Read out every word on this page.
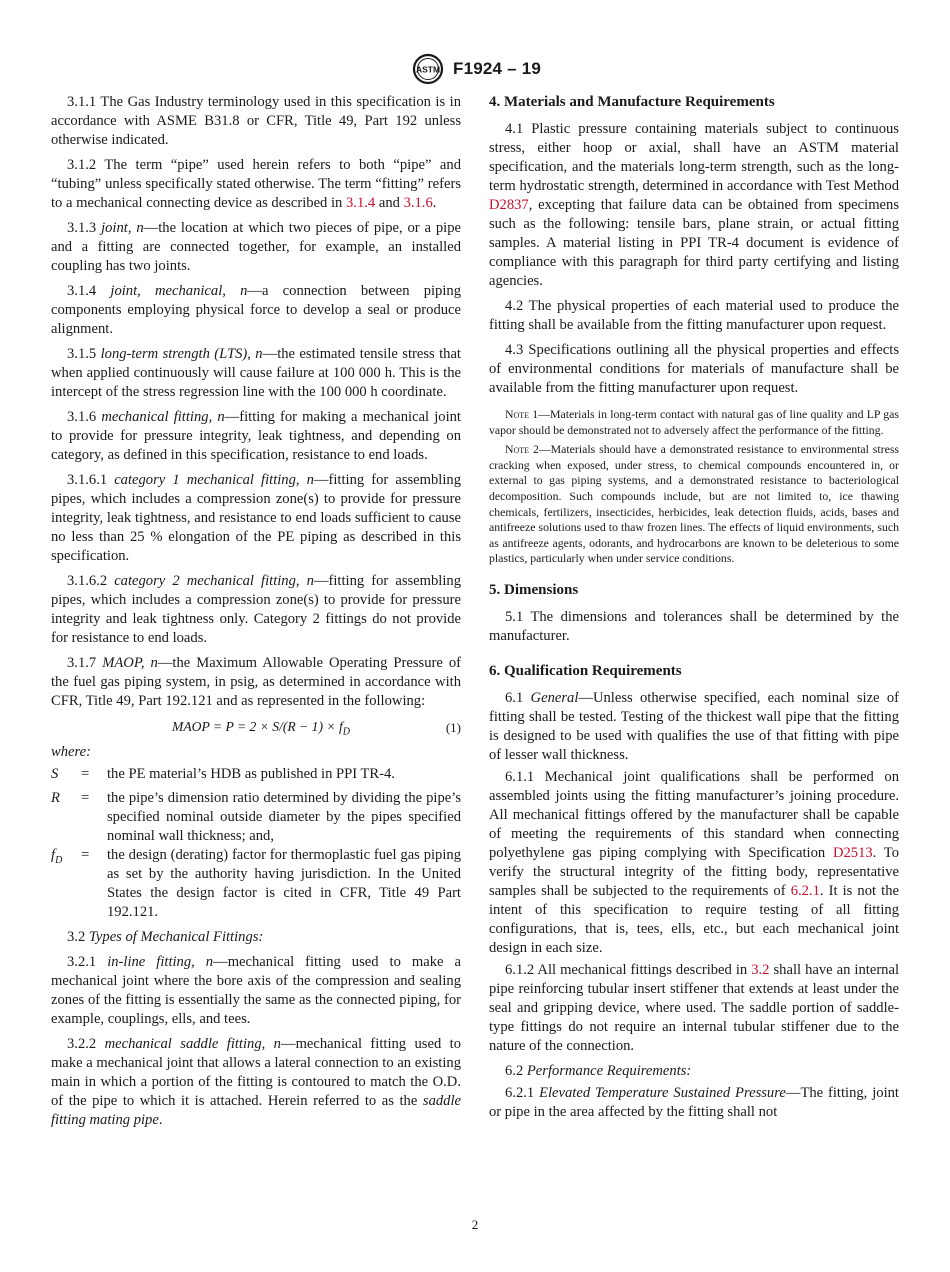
ASTM F1924 – 19

3.1.1 The Gas Industry terminology used in this specification is in accordance with ASME B31.8 or CFR, Title 49, Part 192 unless otherwise indicated.

3.1.2 The term “pipe” used herein refers to both “pipe” and “tubing” unless specifically stated otherwise. The term “fitting” refers to a mechanical connecting device as described in 3.1.4 and 3.1.6.

3.1.3 joint, n—the location at which two pieces of pipe, or a pipe and a fitting are connected together, for example, an installed coupling has two joints.

3.1.4 joint, mechanical, n—a connection between piping components employing physical force to develop a seal or produce alignment.

3.1.5 long-term strength (LTS), n—the estimated tensile stress that when applied continuously will cause failure at 100 000 h. This is the intercept of the stress regression line with the 100 000 h coordinate.

3.1.6 mechanical fitting, n—fitting for making a mechanical joint to provide for pressure integrity, leak tightness, and depending on category, as defined in this specification, resistance to end loads.

3.1.6.1 category 1 mechanical fitting, n—fitting for assembling pipes, which includes a compression zone(s) to provide for pressure integrity, leak tightness, and resistance to end loads sufficient to cause no less than 25 % elongation of the PE piping as described in this specification.

3.1.6.2 category 2 mechanical fitting, n—fitting for assembling pipes, which includes a compression zone(s) to provide for pressure integrity and leak tightness only. Category 2 fittings do not provide for resistance to end loads.

3.1.7 MAOP, n—the Maximum Allowable Operating Pressure of the fuel gas piping system, in psig, as determined in accordance with CFR, Title 49, Part 192.121 and as represented in the following:

MAOP = $P = 2 \times S/(R - 1) \times f_D$	(1)

where:

S	=	the PE material’s HDB as published in PPI TR-4.
R	=	the pipe’s dimension ratio determined by dividing the pipe’s specified nominal outside diameter by the pipes specified nominal wall thickness; and,
$f_D$	=	the design (derating) factor for thermoplastic fuel gas piping as set by the authority having jurisdiction. In the United States the design factor is cited in CFR, Title 49 Part 192.121.

3.2 Types of Mechanical Fittings:

3.2.1 in-line fitting, n—mechanical fitting used to make a mechanical joint where the bore axis of the compression and sealing zones of the fitting is essentially the same as the connected piping, for example, couplings, ells, and tees.

3.2.2 mechanical saddle fitting, n—mechanical fitting used to make a mechanical joint that allows a lateral connection to an existing main in which a portion of the fitting is contoured to match the O.D. of the pipe to which it is attached. Herein referred to as the saddle fitting mating pipe.

4. Materials and Manufacture Requirements

4.1 Plastic pressure containing materials subject to continuous stress, either hoop or axial, shall have an ASTM material specification, and the materials long-term strength, such as the long-term hydrostatic strength, determined in accordance with Test Method D2837, excepting that failure data can be obtained from specimens such as the following: tensile bars, plane strain, or actual fitting samples. A material listing in PPI TR-4 document is evidence of compliance with this paragraph for third party certifying and listing agencies.

4.2 The physical properties of each material used to produce the fitting shall be available from the fitting manufacturer upon request.

4.3 Specifications outlining all the physical properties and effects of environmental conditions for materials of manufacture shall be available from the fitting manufacturer upon request.

Note 1—Materials in long-term contact with natural gas of line quality and LP gas vapor should be demonstrated not to adversely affect the performance of the fitting.

Note 2—Materials should have a demonstrated resistance to environmental stress cracking when exposed, under stress, to chemical compounds encountered in, or external to gas piping systems, and a demonstrated resistance to bacteriological decomposition. Such compounds include, but are not limited to, ice thawing chemicals, fertilizers, insecticides, herbicides, leak detection fluids, acids, bases and antifreeze solutions used to thaw frozen lines. The effects of liquid environments, such as antifreeze agents, odorants, and hydrocarbons are known to be deleterious to some plastics, particularly when under service conditions.

5. Dimensions

5.1 The dimensions and tolerances shall be determined by the manufacturer.

6. Qualification Requirements

6.1 General—Unless otherwise specified, each nominal size of fitting shall be tested. Testing of the thickest wall pipe that the fitting is designed to be used with qualifies the use of that fitting with pipe of lesser wall thickness.

6.1.1 Mechanical joint qualifications shall be performed on assembled joints using the fitting manufacturer’s joining procedure. All mechanical fittings offered by the manufacturer shall be capable of meeting the requirements of this standard when connecting polyethylene gas piping complying with Specification D2513. To verify the structural integrity of the fitting body, representative samples shall be subjected to the requirements of 6.2.1. It is not the intent of this specification to require testing of all fitting configurations, that is, tees, ells, etc., but each mechanical joint design in each size.

6.1.2 All mechanical fittings described in 3.2 shall have an internal pipe reinforcing tubular insert stiffener that extends at least under the seal and gripping device, where used. The saddle portion of saddle-type fittings do not require an internal tubular stiffener due to the nature of the connection.

6.2 Performance Requirements:

6.2.1 Elevated Temperature Sustained Pressure—The fitting, joint or pipe in the area affected by the fitting shall not

2
